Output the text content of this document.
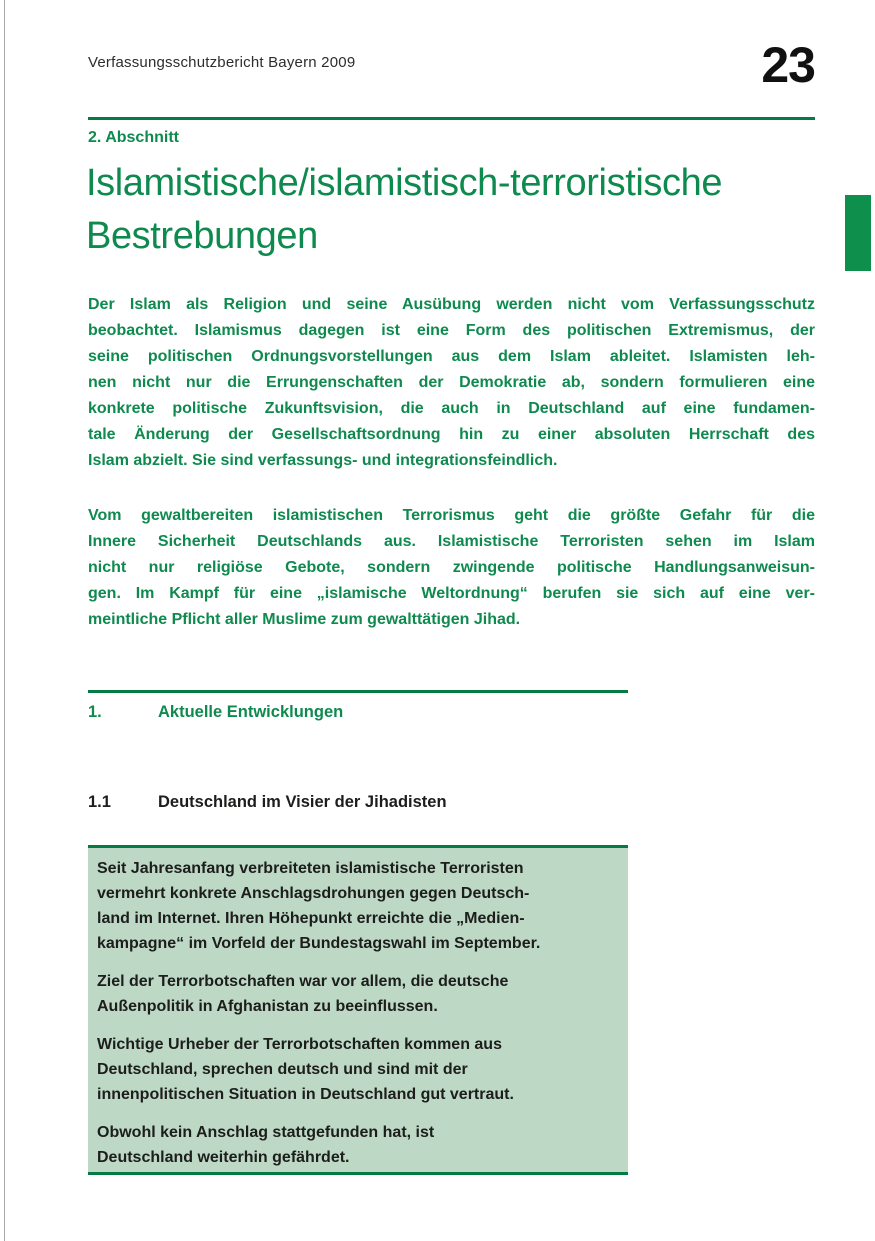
Verfassungsschutzbericht Bayern 2009	23
2. Abschnitt
Islamistische/islamistisch-terroristische
Bestrebungen
Der Islam als Religion und seine Ausübung werden nicht vom Verfassungsschutz
beobachtet. Islamismus dagegen ist eine Form des politischen Extremismus, der
seine politischen Ordnungsvorstellungen aus dem Islam ableitet. Islamisten leh-
nen nicht nur die Errungenschaften der Demokratie ab, sondern formulieren eine
konkrete politische Zukunftsvision, die auch in Deutschland auf eine fundamen-
tale Änderung der Gesellschaftsordnung hin zu einer absoluten Herrschaft des
Islam abzielt. Sie sind verfassungs- und integrationsfeindlich.
Vom gewaltbereiten islamistischen Terrorismus geht die größte Gefahr für die
Innere Sicherheit Deutschlands aus. Islamistische Terroristen sehen im Islam
nicht nur religiöse Gebote, sondern zwingende politische Handlungsanweisun-
gen. Im Kampf für eine „islamische Weltordnung“ berufen sie sich auf eine ver-
meintliche Pflicht aller Muslime zum gewalttätigen Jihad.
1.	Aktuelle Entwicklungen
1.1	Deutschland im Visier der Jihadisten
Seit Jahresanfang verbreiteten islamistische Terroristen
vermehrt konkrete Anschlagsdrohungen gegen Deutsch-
land im Internet. Ihren Höhepunkt erreichte die „Medien-
kampagne“ im Vorfeld der Bundestagswahl im September.
Ziel der Terrorbotschaften war vor allem, die deutsche
Außenpolitik in Afghanistan zu beeinflussen.
Wichtige Urheber der Terrorbotschaften kommen aus
Deutschland, sprechen deutsch und sind mit der
innenpolitischen Situation in Deutschland gut vertraut.
Obwohl kein Anschlag stattgefunden hat, ist
Deutschland weiterhin gefährdet.
